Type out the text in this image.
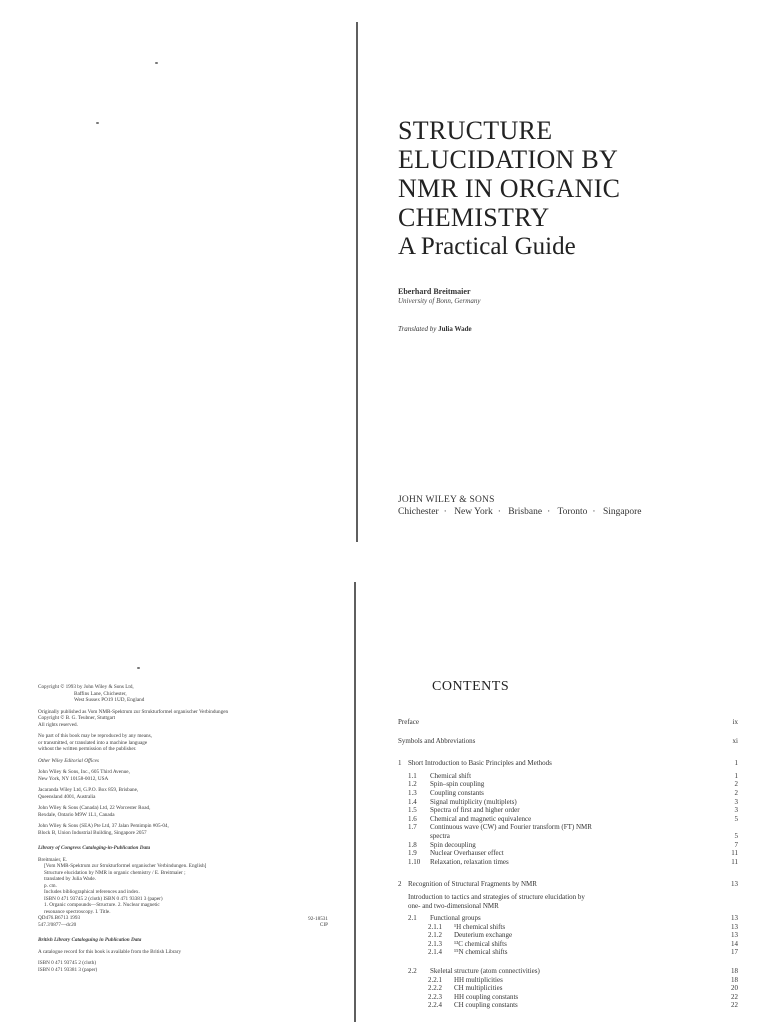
STRUCTURE
ELUCIDATION BY
NMR IN ORGANIC
CHEMISTRY
A Practical Guide
Eberhard Breitmaier
University of Bonn, Germany
Translated by Julia Wade
JOHN WILEY & SONS
Chichester · New York · Brisbane · Toronto · Singapore

Copyright © 1993 by John Wiley & Sons Ltd,
Baffins Lane, Chichester,
West Sussex PO19 1UD, England

Originally published as Vom NMR-Spektrum zur Strukturformel organischer Verbindungen
Copyright © B. G. Teubner, Stuttgart
All rights reserved.

No part of this book may be reproduced by any means,
or transmitted, or translated into a machine language
without the written permission of the publisher.

Other Wiley Editorial Offices

John Wiley & Sons, Inc., 605 Third Avenue,
New York, NY 10158-0012, USA

Jacaranda Wiley Ltd, G.P.O. Box 859, Brisbane,
Queensland 4001, Australia

John Wiley & Sons (Canada) Ltd, 22 Worcester Road,
Rexdale, Ontario M9W 1L1, Canada

John Wiley & Sons (SEA) Pte Ltd, 37 Jalan Pemimpin #05-04,
Block B, Union Industrial Building, Singapore 2057

Library of Congress Cataloging-in-Publication Data

Breitmaier, E.
[Vom NMR-Spektrum zur Strukturformel organischer Verbindungen. English]
Structure elucidation by NMR in organic chemistry / E. Breitmaier ;
translated by Julia Wade.
p. cm.
Includes bibliographical references and index.
ISBN 0 471 93745 2 (cloth) ISBN 0 471 93381 3 (paper)
1. Organic compounds—Structure. 2. Nuclear magnetic
resonance spectroscopy. I. Title.
QD476.B6713 1993

547.3'0877—dc20
92-18531
CIP

British Library Cataloguing in Publication Data

A catalogue record for this book is available from the British Library

ISBN 0 471 93745 2 (cloth)
ISBN 0 471 93381 3 (paper)

CONTENTS
Preface	ix
Symbols and Abbreviations	xi
1 Short Introduction to Basic Principles and Methods	1
1.1 Chemical shift	1
1.2 Spin–spin coupling	2
1.3 Coupling constants	2
1.4 Signal multiplicity (multiplets)	3
1.5 Spectra of first and higher order	3
1.6 Chemical and magnetic equivalence	5
1.7 Continuous wave (CW) and Fourier transform (FT) NMR
spectra	5
1.8 Spin decoupling	7
1.9 Nuclear Overhauser effect	11
1.10 Relaxation, relaxation times	11
2 Recognition of Structural Fragments by NMR	13
Introduction to tactics and strategies of structure elucidation by
one- and two-dimensional NMR
2.1 Functional groups	13
2.1.1 ¹H chemical shifts	13
2.1.2 Deuterium exchange	13
2.1.3 ¹³C chemical shifts	14
2.1.4 ¹⁵N chemical shifts	17
2.2 Skeletal structure (atom connectivities)	18
2.2.1 HH multiplicities	18
2.2.2 CH multiplicities	20
2.2.3 HH coupling constants	22
2.2.4 CH coupling constants	22
